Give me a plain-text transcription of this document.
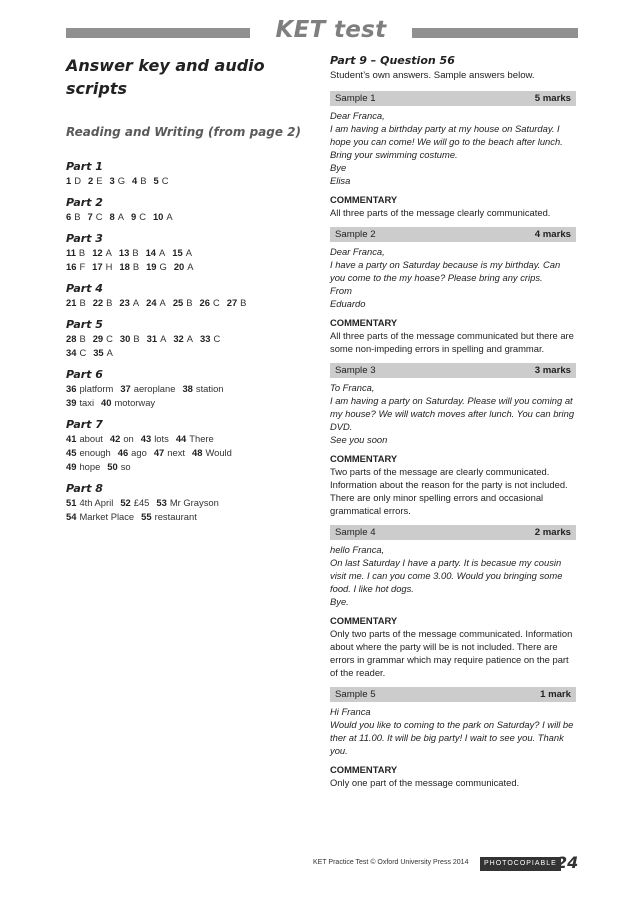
KET test
Answer key and audio
scripts
Reading and Writing (from page 2)
Part 1
1 D 2 E 3 G 4 B 5 C
Part 2
6 B 7 C 8 A 9 C 10 A
Part 3
11 B 12 A 13 B 14 A 15 A
16 F 17 H 18 B 19 G 20 A
Part 4
21 B 22 B 23 A 24 A 25 B 26 C 27 B
Part 5
28 B 29 C 30 B 31 A 32 A 33 C
34 C 35 A
Part 6
36 platform 37 aeroplane 38 station
39 taxi 40 motorway
Part 7
41 about 42 on 43 lots 44 There
45 enough 46 ago 47 next 48 Would
49 hope 50 so
Part 8
51 4th April 52 £45 53 Mr Grayson
54 Market Place 55 restaurant
Part 9 – Question 56
Student’s own answers. Sample answers below.
Sample 1	5 marks
Dear Franca,
I am having a birthday party at my house on Saturday. I hope you can come! We will go to the beach after lunch. Bring your swimming costume.
Bye
Elisa
COMMENTARY
All three parts of the message clearly communicated.
Sample 2	4 marks
Dear Franca,
I have a party on Saturday because is my birthday. Can you come to the my hoase? Please bring any crips.
From
Eduardo
COMMENTARY
All three parts of the message communicated but there are some non-impeding errors in spelling and grammar.
Sample 3	3 marks
To Franca,
I am having a party on Saturday. Please will you coming at my house? We will watch moves after lunch. You can bring DVD.
See you soon
COMMENTARY
Two parts of the message are clearly communicated. Information about the reason for the party is not included. There are only minor spelling errors and occasional grammatical errors.
Sample 4	2 marks
hello Franca,
On last Saturday I have a party. It is becasue my cousin visit me. I can you come 3.00. Would you bringing some food. I like hot dogs.
Bye.
COMMENTARY
Only two parts of the message communicated. Information about where the party will be is not included. There are errors in grammar which may require patience on the part of the reader.
Sample 5	1 mark
Hi Franca
Would you like to coming to the park on Saturday? I will be ther at 11.00. It will be big party! I wait to see you. Thank you.
COMMENTARY
Only one part of the message communicated.
KET Practice Test © Oxford University Press 2014	PHOTOCOPIABLE 24
